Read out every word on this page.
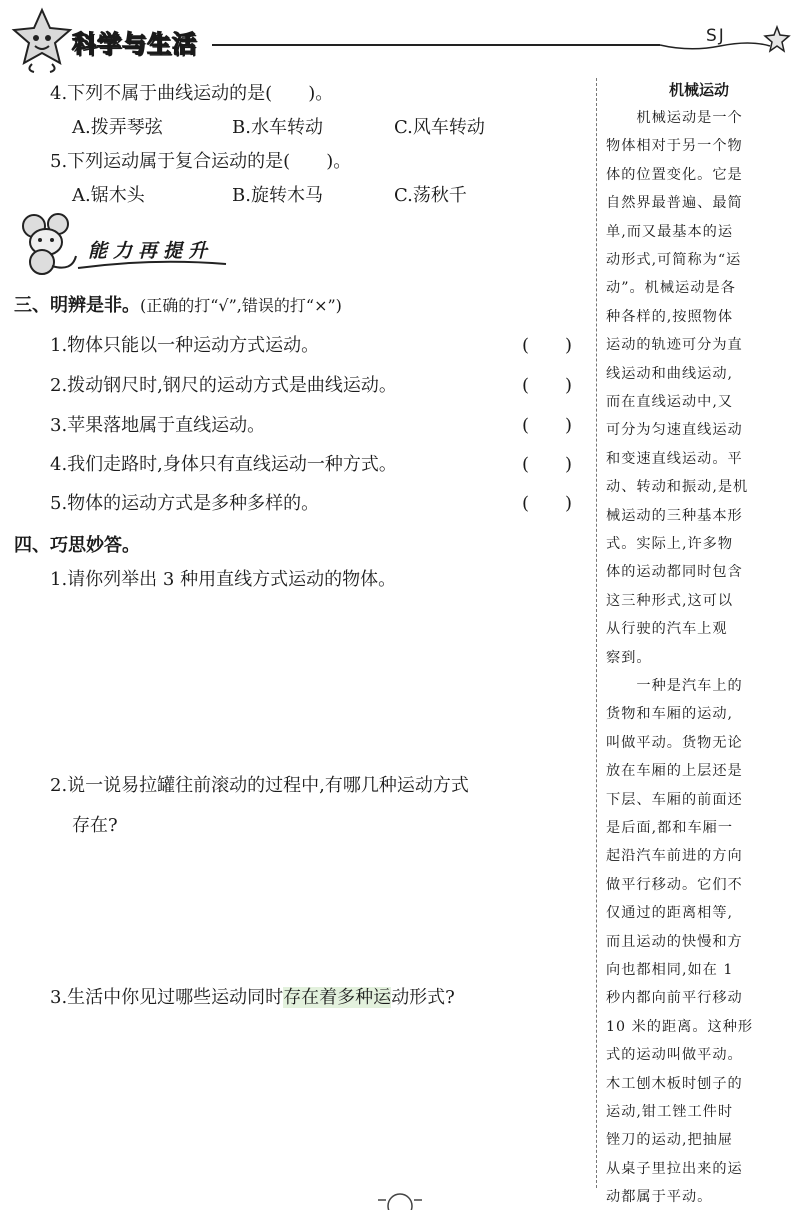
科学与生活	SJ
4.下列不属于曲线运动的是(　　)。
A.拨弄琴弦	B.水车转动	C.风车转动
5.下列运动属于复合运动的是(　　)。
A.锯木头	B.旋转木马	C.荡秋千
能力再提升
三、明辨是非。(正确的打“√”,错误的打“×”)
1.物体只能以一种运动方式运动。	(　　)
2.拨动钢尺时,钢尺的运动方式是曲线运动。	(　　)
3.苹果落地属于直线运动。	(　　)
4.我们走路时,身体只有直线运动一种方式。	(　　)
5.物体的运动方式是多种多样的。	(　　)
四、巧思妙答。
1.请你列举出 3 种用直线方式运动的物体。
2.说一说易拉罐往前滚动的过程中,有哪几种运动方式
存在?
3.生活中你见过哪些运动同时存在着多种运动形式?
机械运动
　　机械运动是一个
物体相对于另一个物
体的位置变化。它是
自然界最普遍、最简
单,而又最基本的运
动形式,可简称为“运
动”。机械运动是各
种各样的,按照物体
运动的轨迹可分为直
线运动和曲线运动,
而在直线运动中,又
可分为匀速直线运动
和变速直线运动。平
动、转动和振动,是机
械运动的三种基本形
式。实际上,许多物
体的运动都同时包含
这三种形式,这可以
从行驶的汽车上观
察到。
　　一种是汽车上的
货物和车厢的运动,
叫做平动。货物无论
放在车厢的上层还是
下层、车厢的前面还
是后面,都和车厢一
起沿汽车前进的方向
做平行移动。它们不
仅通过的距离相等,
而且运动的快慢和方
向也都相同,如在 1
秒内都向前平行移动
10 米的距离。这种形
式的运动叫做平动。
木工刨木板时刨子的
运动,钳工锉工件时
锉刀的运动,把抽屉
从桌子里拉出来的运
动都属于平动。
